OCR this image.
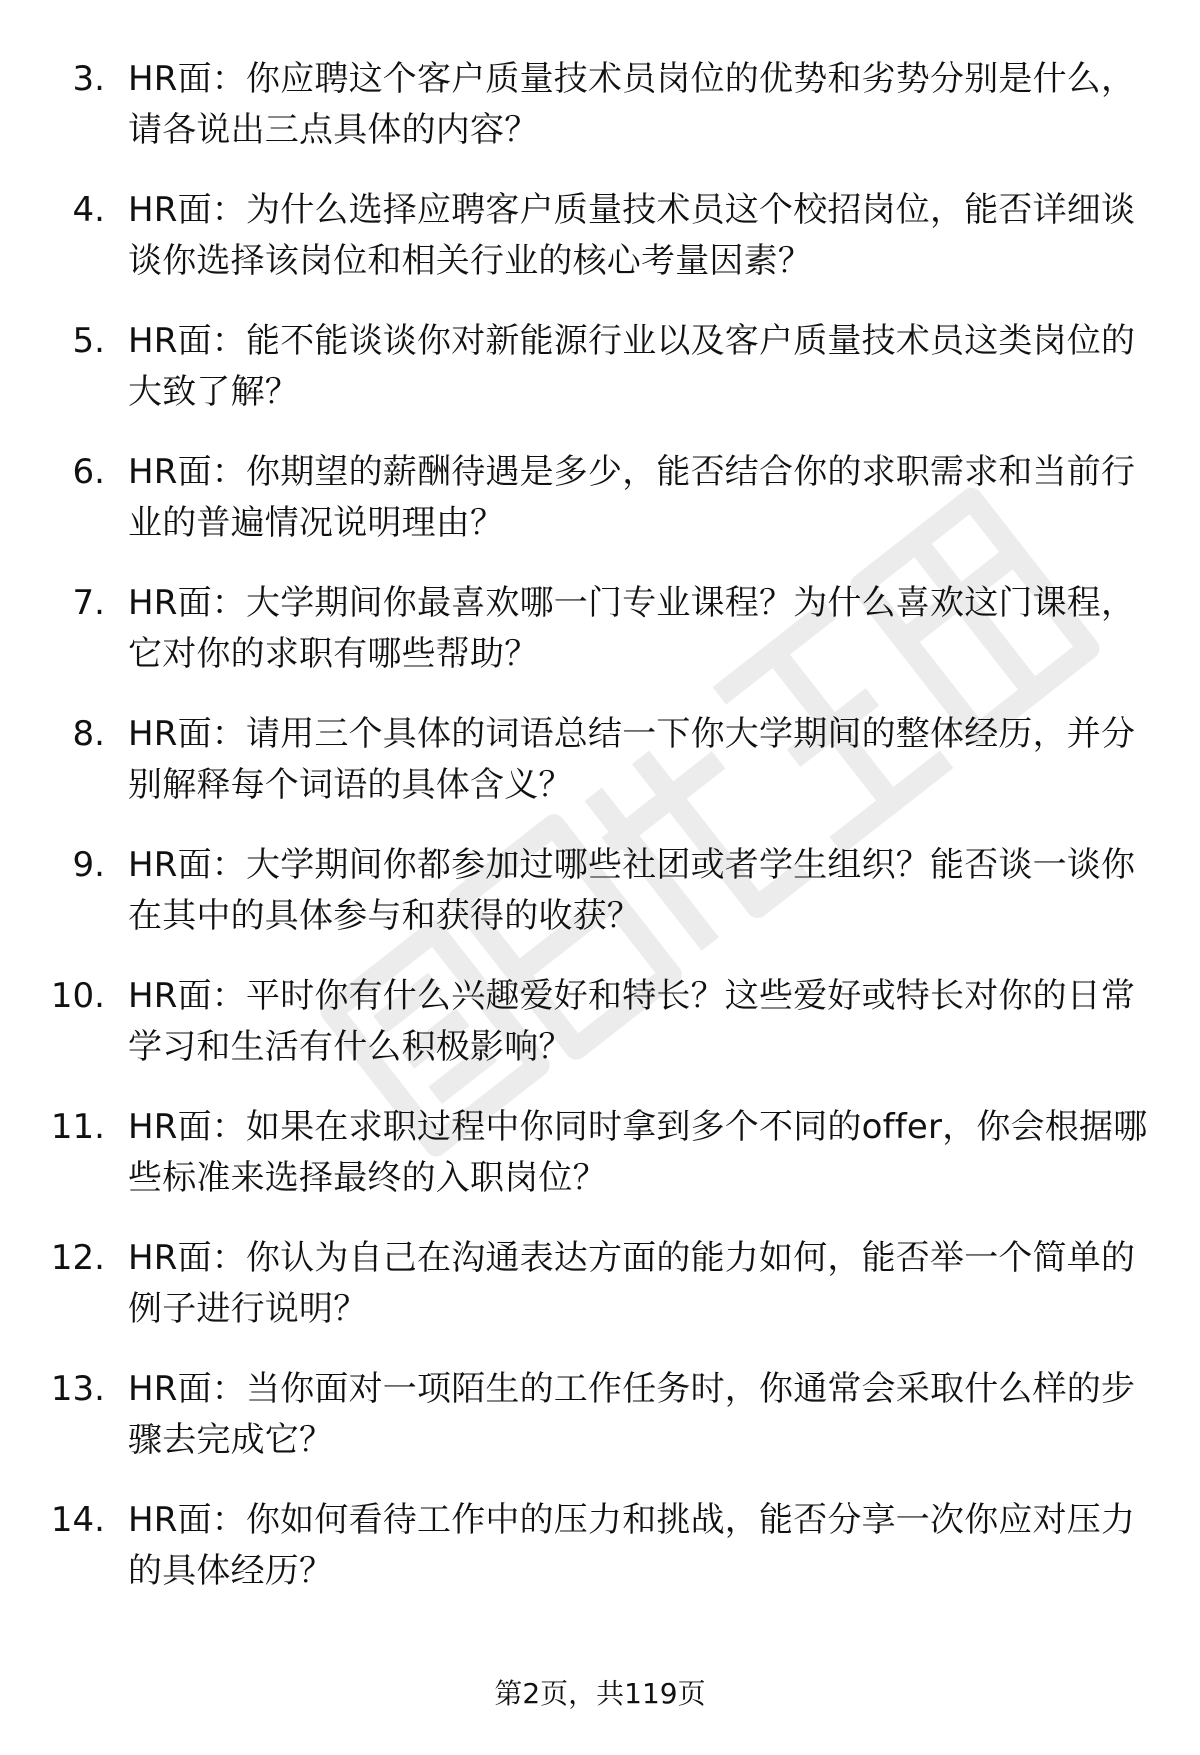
3. HR面：你应聘这个客户质量技术员岗位的优势和劣势分别是什么，请各说出三点具体的内容？
4. HR面：为什么选择应聘客户质量技术员这个校招岗位，能否详细谈谈你选择该岗位和相关行业的核心考量因素？
5. HR面：能不能谈谈你对新能源行业以及客户质量技术员这类岗位的大致了解？
6. HR面：你期望的薪酬待遇是多少，能否结合你的求职需求和当前行业的普遍情况说明理由？
7. HR面：大学期间你最喜欢哪一门专业课程？为什么喜欢这门课程，它对你的求职有哪些帮助？
8. HR面：请用三个具体的词语总结一下你大学期间的整体经历，并分别解释每个词语的具体含义？
9. HR面：大学期间你都参加过哪些社团或者学生组织？能否谈一谈你在其中的具体参与和获得的收获？
10. HR面：平时你有什么兴趣爱好和特长？这些爱好或特长对你的日常学习和生活有什么积极影响？
11. HR面：如果在求职过程中你同时拿到多个不同的offer，你会根据哪些标准来选择最终的入职岗位？
12. HR面：你认为自己在沟通表达方面的能力如何，能否举一个简单的例子进行说明？
13. HR面：当你面对一项陌生的工作任务时，你通常会采取什么样的步骤去完成它？
14. HR面：你如何看待工作中的压力和挑战，能否分享一次你应对压力的具体经历？
第2页，共119页
